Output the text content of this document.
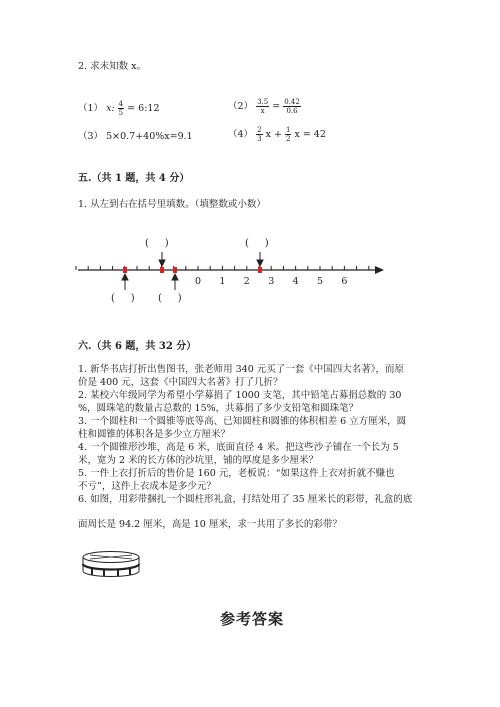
2. 求未知数 x。
（1） x: $\frac{4}{5}$ = 6:12	$(2) \frac{3.5}{x} = \frac{0.42}{0.6}$
（3） 5×0.7+40%x=9.1	$(4) \frac{2}{3}$ $x + \frac{1}{2}$ x = 42
五.（共 1 题，共 4 分）
1. 从左到右在括号里填数。（填整数或小数）
(     )	(     )
(     ) (     )
0 1 2 3 4 5 6
六.（共 6 题，共 32 分）
1. 新华书店打折出售图书，张老师用 340 元买了一套《中国四大名著》，而原
价是 400 元，这套《中国四大名著》打了几折？
2. 某校六年级同学为希望小学募捐了 1000 支笔，其中铅笔占募捐总数的 30
%，圆珠笔的数量占总数的 15%，共募捐了多少支铅笔和圆珠笔？
3. 一个圆柱和一个圆锥等底等高、已知圆柱和圆锥的体积相差 6 立方厘米，圆
柱和圆锥的体积各是多少立方厘米？
4. 一个圆锥形沙堆，高是 6 米，底面直径 4 米。把这些沙子铺在一个长为 5
米，宽为 2 米的长方体的沙坑里，铺的厚度是多少厘米？
5. 一件上衣打折后的售价是 160 元，老板说：“如果这件上衣对折就不赚也
不亏”，这件上衣成本是多少元？
6. 如图，用彩带捆扎一个圆柱形礼盒，打结处用了 35 厘米长的彩带，礼盒的底
面周长是 94.2 厘米，高是 10 厘米，求一共用了多长的彩带？
参考答案
